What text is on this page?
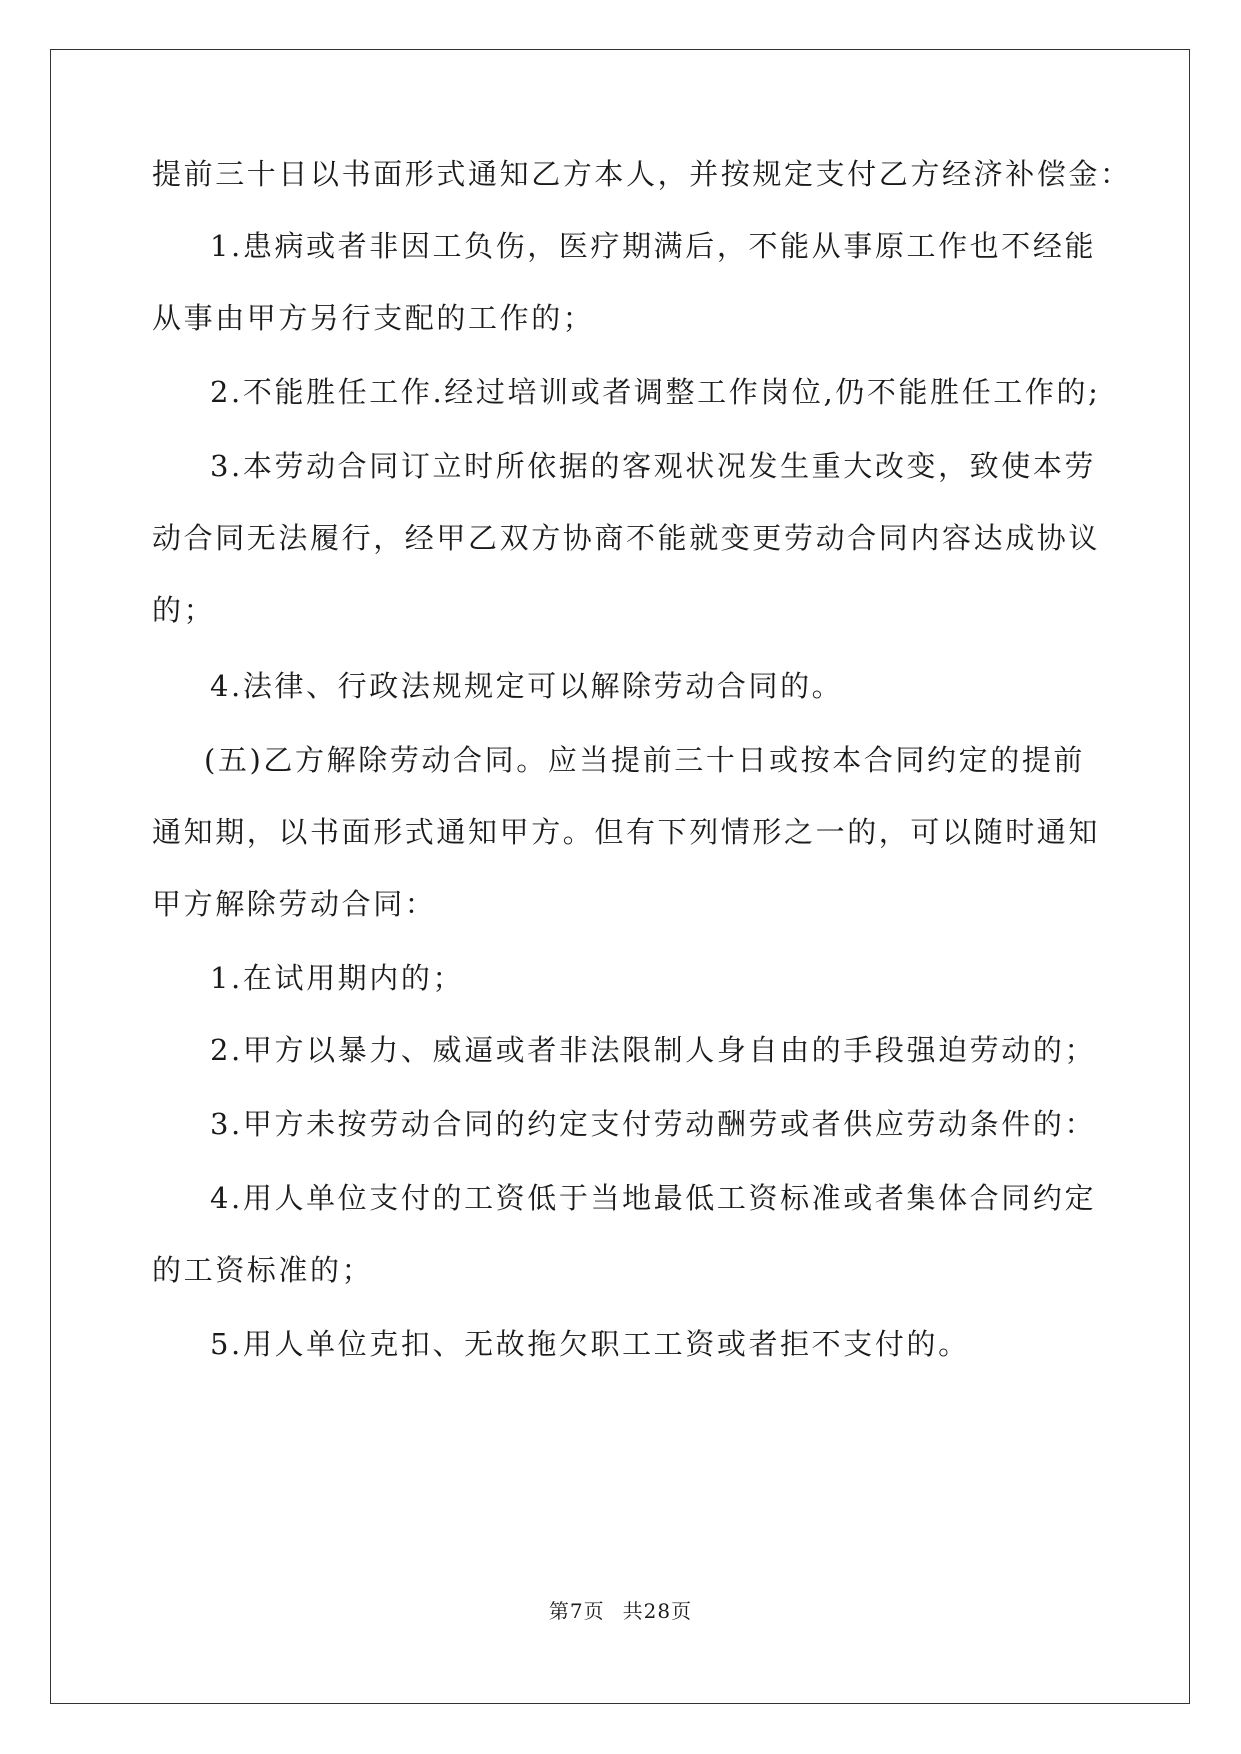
提前三十日以书面形式通知乙方本人，并按规定支付乙方经济补偿金：
1.患病或者非因工负伤，医疗期满后，不能从事原工作也不经能
从事由甲方另行支配的工作的；
2.不能胜任工作.经过培训或者调整工作岗位,仍不能胜任工作的;
3.本劳动合同订立时所依据的客观状况发生重大改变，致使本劳
动合同无法履行，经甲乙双方协商不能就变更劳动合同内容达成协议
的；
4.法律、行政法规规定可以解除劳动合同的。
(五)乙方解除劳动合同。应当提前三十日或按本合同约定的提前
通知期，以书面形式通知甲方。但有下列情形之一的，可以随时通知
甲方解除劳动合同：
1.在试用期内的；
2.甲方以暴力、威逼或者非法限制人身自由的手段强迫劳动的；
3.甲方未按劳动合同的约定支付劳动酬劳或者供应劳动条件的：
4.用人单位支付的工资低于当地最低工资标准或者集体合同约定
的工资标准的；
5.用人单位克扣、无故拖欠职工工资或者拒不支付的。
第7页 共28页
